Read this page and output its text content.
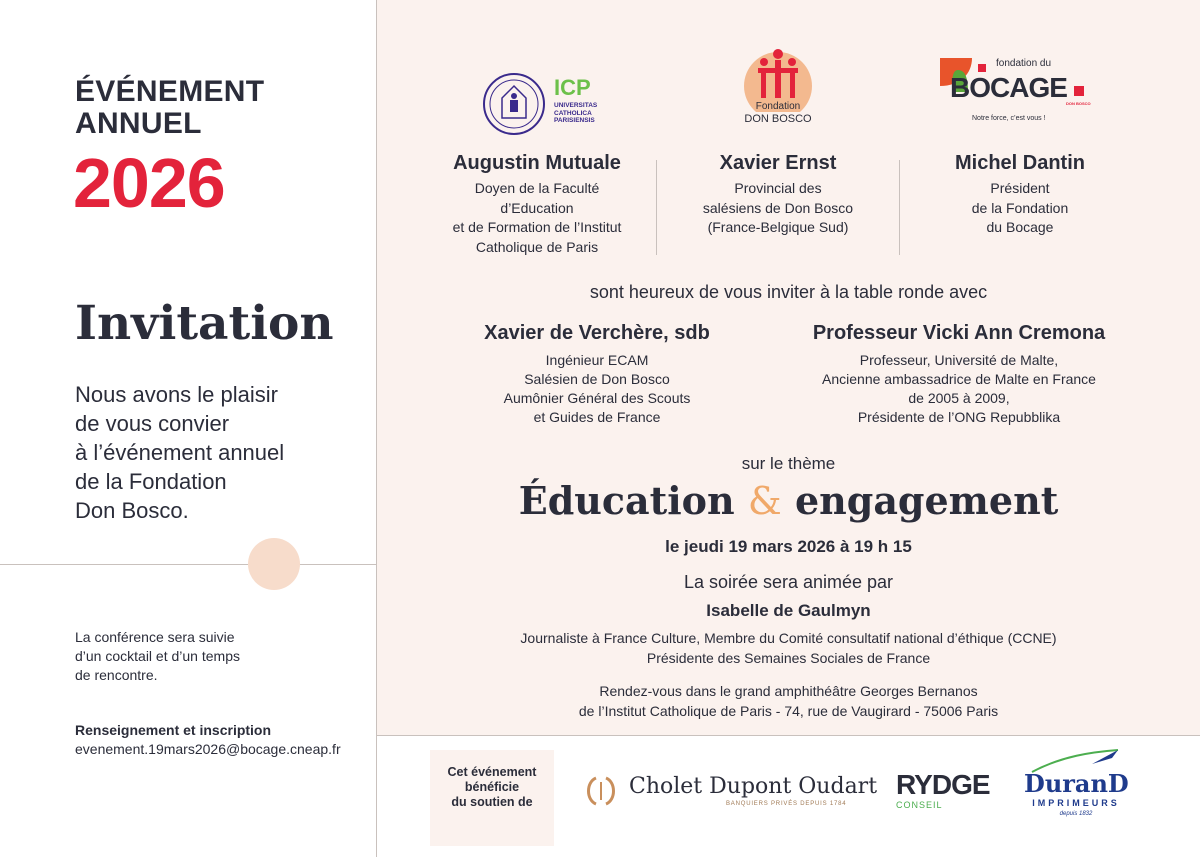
ÉVÉNEMENT
ANNUEL
2026
Invitation
Nous avons le plaisir
de vous convier
à l’événement annuel
de la Fondation
Don Bosco.
La conférence sera suivie
d’un cocktail et d’un temps
de rencontre.
Renseignement et inscription
evenement.19mars2026@bocage.cneap.fr
ICP
UNIVERSITAS
CATHOLICA
PARISIENSIS
Fondation
DON BOSCO
fondation du
BOCAGE
Notre force, c’est vous !
DON BOSCO
Augustin Mutuale
Doyen de la Faculté
d’Education
et de Formation de l’Institut
Catholique de Paris
Xavier Ernst
Provincial des
salésiens de Don Bosco
(France-Belgique Sud)
Michel Dantin
Président
de la Fondation
du Bocage
sont heureux de vous inviter à la table ronde avec
Xavier de Verchère, sdb
Ingénieur ECAM
Salésien de Don Bosco
Aumônier Général des Scouts
et Guides de France
Professeur Vicki Ann Cremona
Professeur, Université de Malte,
Ancienne ambassadrice de Malte en France
de 2005 à 2009,
Présidente de l’ONG Repubblika
sur le thème
Éducation & engagement
le jeudi 19 mars 2026 à 19 h 15
La soirée sera animée par
Isabelle de Gaulmyn
Journaliste à France Culture, Membre du Comité consultatif national d’éthique (CCNE)
Présidente des Semaines Sociales de France
Rendez-vous dans le grand amphithéâtre Georges Bernanos
de l’Institut Catholique de Paris - 74, rue de Vaugirard - 75006 Paris
Cet événement
bénéficie
du soutien de
Cholet Dupont Oudart
BANQUIERS PRIVÉS DEPUIS 1784
RYDGE
CONSEIL
DuranD
IMPRIMEURS
depuis 1832
